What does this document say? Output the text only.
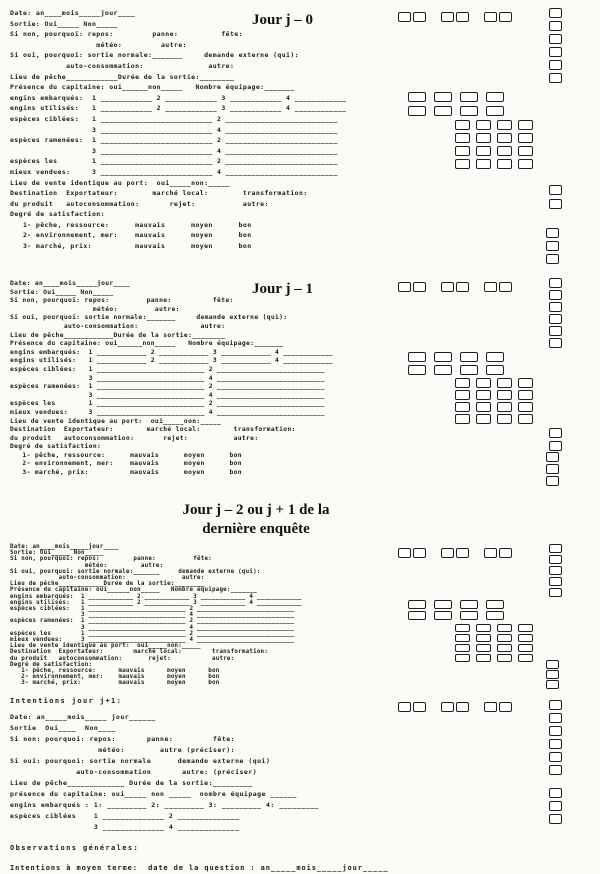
Jour j – 0
Date: an____mois_____jour____
Sortie: Oui_____ Non_____
Si non, pourquoi: repos:         panne:          fête:
météo:         autre:
Si oui, pourquoi: sortie normale:_______     demande externe (qui):
auto-consommation:               autre:
Lieu de pêche____________Durée de la sortie:________
Présence du capitaine: oui______non_____   Nombre équipage:_______
engins embarqués:  1 ____________ 2 ____________ 3 ____________ 4 ____________
engins utilisés:   1 ____________ 2 ____________ 3 ____________ 4 ____________
espèces ciblées:   1 __________________________ 2 __________________________
3 __________________________ 4 __________________________
espèces ramenées:  1 __________________________ 2 __________________________
3 __________________________ 4 __________________________
espèces les        1 __________________________ 2 __________________________
mieux vendues:     3 __________________________ 4 __________________________
Lieu de vente identique au port:  oui_____non:_____
Destination  Exportateur:        marché local:        transformation:
du produit   autoconsommation:       rejet:           autre:
Degré de satisfaction:
1- pêche, ressource:      mauvais      moyen      bon
2- environnement, mer:    mauvais      moyen      bon
3- marché, prix:          mauvais      moyen      bon
Jour j – 1
Date: an____mois_____jour____
Sortie: Oui_____ Non_____
Si non, pourquoi: repos:         panne:          fête:
météo:         autre:
Si oui, pourquoi: sortie normale:_______     demande externe (qui):
auto-consommation:               autre:
Lieu de pêche____________Durée de la sortie:________
Présence du capitaine: oui______non_____   Nombre équipage:_______
engins embarqués:  1 ____________ 2 ____________ 3 ____________ 4 ____________
engins utilisés:   1 ____________ 2 ____________ 3 ____________ 4 ____________
espèces ciblées:   1 __________________________ 2 __________________________
3 __________________________ 4 __________________________
espèces ramenées:  1 __________________________ 2 __________________________
3 __________________________ 4 __________________________
espèces les        1 __________________________ 2 __________________________
mieux vendues:     3 __________________________ 4 __________________________
Lieu de vente identique au port:  oui_____non:_____
Destination  Exportateur:        marché local:        transformation:
du produit   autoconsommation:       rejet:           autre:
Degré de satisfaction:
1- pêche, ressource:      mauvais      moyen      bon
2- environnement, mer:    mauvais      moyen      bon
3- marché, prix:          mauvais      moyen      bon
Jour j – 2 ou j + 1 de la
dernière enquête
Date: an____mois_____jour____
Sortie: Oui_____ Non_____
Si non, pourquoi: repos:         panne:          fête:
météo:         autre:
Si oui, pourquoi: sortie normale:_______     demande externe (qui):
auto-consommation:               autre:
Lieu de pêche____________Durée de la sortie:________
Présence du capitaine: oui______non_____   Nombre équipage:_______
engins embarqués:  1 ____________ 2 ____________ 3 ____________ 4 ____________
engins utilisés:   1 ____________ 2 ____________ 3 ____________ 4 ____________
espèces ciblées:   1 __________________________ 2 __________________________
3 __________________________ 4 __________________________
espèces ramenées:  1 __________________________ 2 __________________________
3 __________________________ 4 __________________________
espèces les        1 __________________________ 2 __________________________
mieux vendues:     3 __________________________ 4 __________________________
Lieu de vente identique au port:  oui_____non:_____
Destination  Exportateur:        marché local:        transformation:
du produit   autoconsommation:       rejet:           autre:
Degré de satisfaction:
1- pêche, ressource:      mauvais      moyen      bon
2- environnement, mer:    mauvais      moyen      bon
3- marché, prix:          mauvais      moyen      bon
Intentions jour j+1:
Date: an_____mois_____ jour______
Sortie  Oui____  Non____
Si non: pourquoi: repos:       panne:         fête:
météo:        autre (préciser):
Si oui: pourquoi: sortie normale      demande externe (qui)
auto-consommation       autre: (préciser)
Lieu de pêche_____________ Durée de la sortie:_________
présence du capitaine: oui_____ non _____  nombre équipage ______
engins embarqués : 1: _________ 2: _________ 3: _________ 4: _________
espèces ciblées    1 ______________ 2 ______________
3 ______________ 4 ______________
Observations générales:
Intentions à moyen terme:  date de la question : an_____mois_____jour_____
